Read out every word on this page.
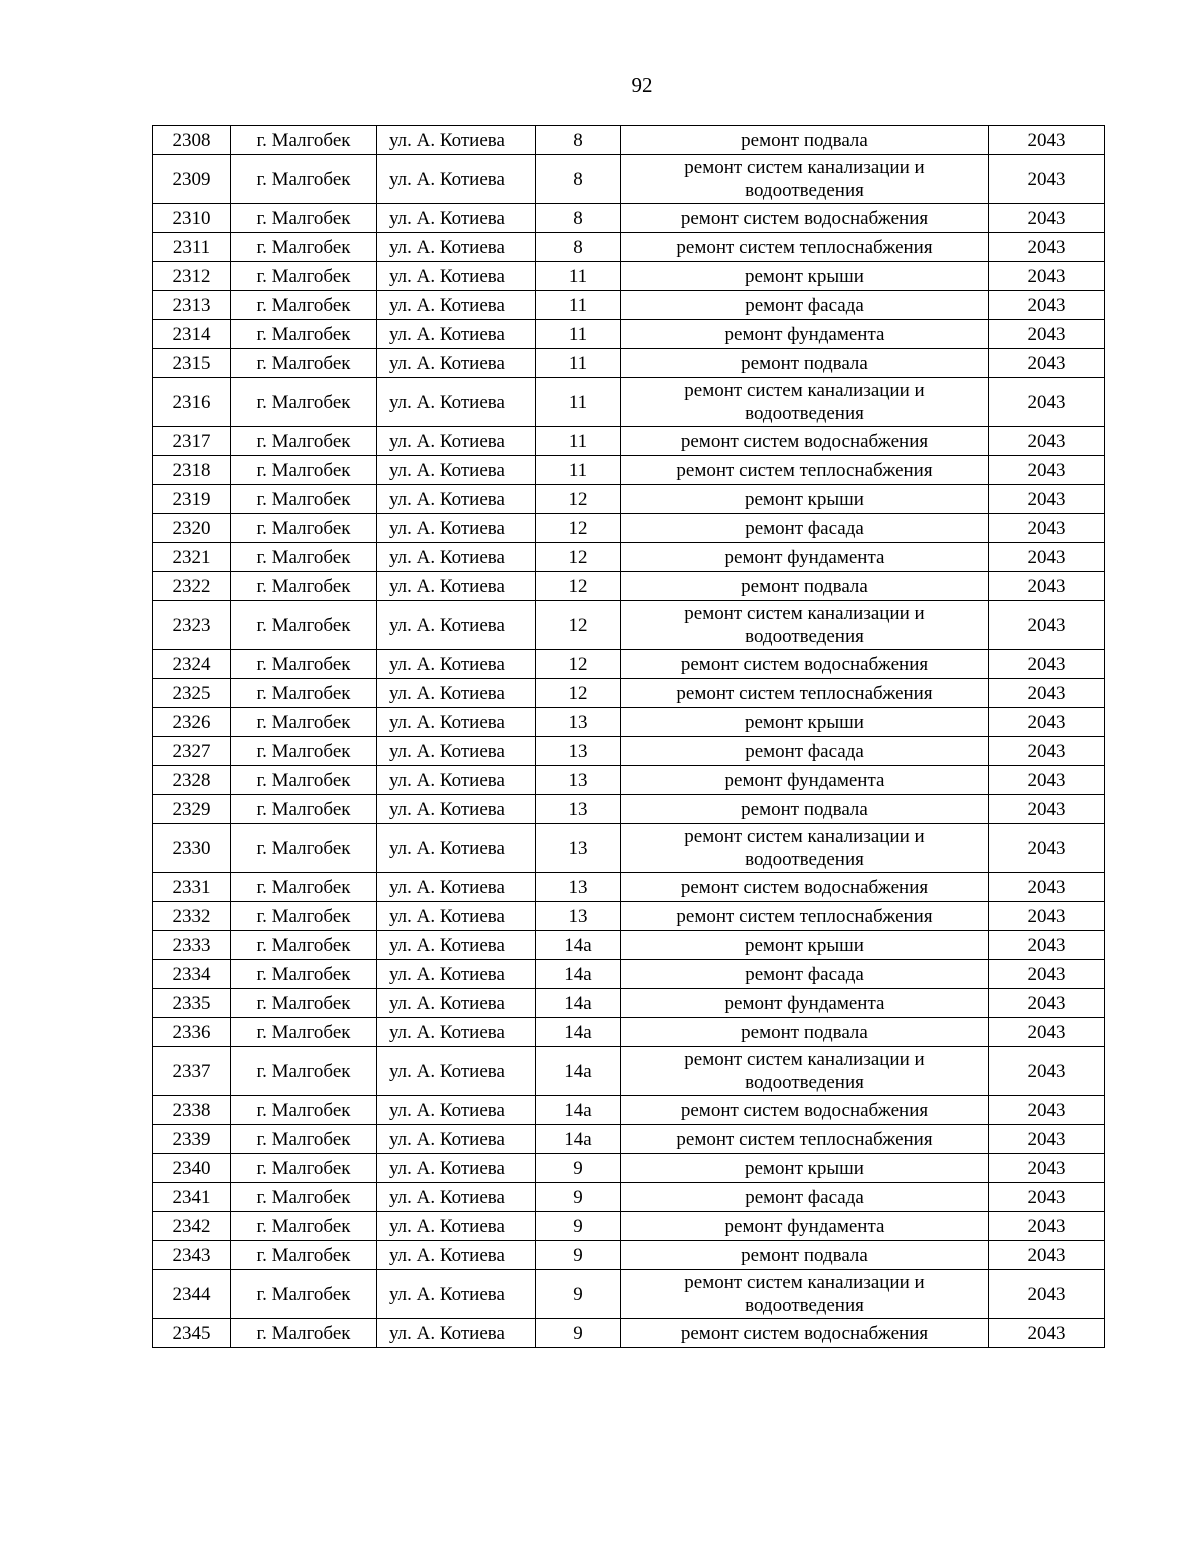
92
2308	г. Малгобек	ул. А. Котиева	8	ремонт подвала	2043
2309	г. Малгобек	ул. А. Котиева	8	ремонт систем канализации и водоотведения	2043
2310	г. Малгобек	ул. А. Котиева	8	ремонт систем водоснабжения	2043
2311	г. Малгобек	ул. А. Котиева	8	ремонт систем теплоснабжения	2043
2312	г. Малгобек	ул. А. Котиева	11	ремонт крыши	2043
2313	г. Малгобек	ул. А. Котиева	11	ремонт фасада	2043
2314	г. Малгобек	ул. А. Котиева	11	ремонт фундамента	2043
2315	г. Малгобек	ул. А. Котиева	11	ремонт подвала	2043
2316	г. Малгобек	ул. А. Котиева	11	ремонт систем канализации и водоотведения	2043
2317	г. Малгобек	ул. А. Котиева	11	ремонт систем водоснабжения	2043
2318	г. Малгобек	ул. А. Котиева	11	ремонт систем теплоснабжения	2043
2319	г. Малгобек	ул. А. Котиева	12	ремонт крыши	2043
2320	г. Малгобек	ул. А. Котиева	12	ремонт фасада	2043
2321	г. Малгобек	ул. А. Котиева	12	ремонт фундамента	2043
2322	г. Малгобек	ул. А. Котиева	12	ремонт подвала	2043
2323	г. Малгобек	ул. А. Котиева	12	ремонт систем канализации и водоотведения	2043
2324	г. Малгобек	ул. А. Котиева	12	ремонт систем водоснабжения	2043
2325	г. Малгобек	ул. А. Котиева	12	ремонт систем теплоснабжения	2043
2326	г. Малгобек	ул. А. Котиева	13	ремонт крыши	2043
2327	г. Малгобек	ул. А. Котиева	13	ремонт фасада	2043
2328	г. Малгобек	ул. А. Котиева	13	ремонт фундамента	2043
2329	г. Малгобек	ул. А. Котиева	13	ремонт подвала	2043
2330	г. Малгобек	ул. А. Котиева	13	ремонт систем канализации и водоотведения	2043
2331	г. Малгобек	ул. А. Котиева	13	ремонт систем водоснабжения	2043
2332	г. Малгобек	ул. А. Котиева	13	ремонт систем теплоснабжения	2043
2333	г. Малгобек	ул. А. Котиева	14а	ремонт крыши	2043
2334	г. Малгобек	ул. А. Котиева	14а	ремонт фасада	2043
2335	г. Малгобек	ул. А. Котиева	14а	ремонт фундамента	2043
2336	г. Малгобек	ул. А. Котиева	14а	ремонт подвала	2043
2337	г. Малгобек	ул. А. Котиева	14а	ремонт систем канализации и водоотведения	2043
2338	г. Малгобек	ул. А. Котиева	14а	ремонт систем водоснабжения	2043
2339	г. Малгобек	ул. А. Котиева	14а	ремонт систем теплоснабжения	2043
2340	г. Малгобек	ул. А. Котиева	9	ремонт крыши	2043
2341	г. Малгобек	ул. А. Котиева	9	ремонт фасада	2043
2342	г. Малгобек	ул. А. Котиева	9	ремонт фундамента	2043
2343	г. Малгобек	ул. А. Котиева	9	ремонт подвала	2043
2344	г. Малгобек	ул. А. Котиева	9	ремонт систем канализации и водоотведения	2043
2345	г. Малгобек	ул. А. Котиева	9	ремонт систем водоснабжения	2043
